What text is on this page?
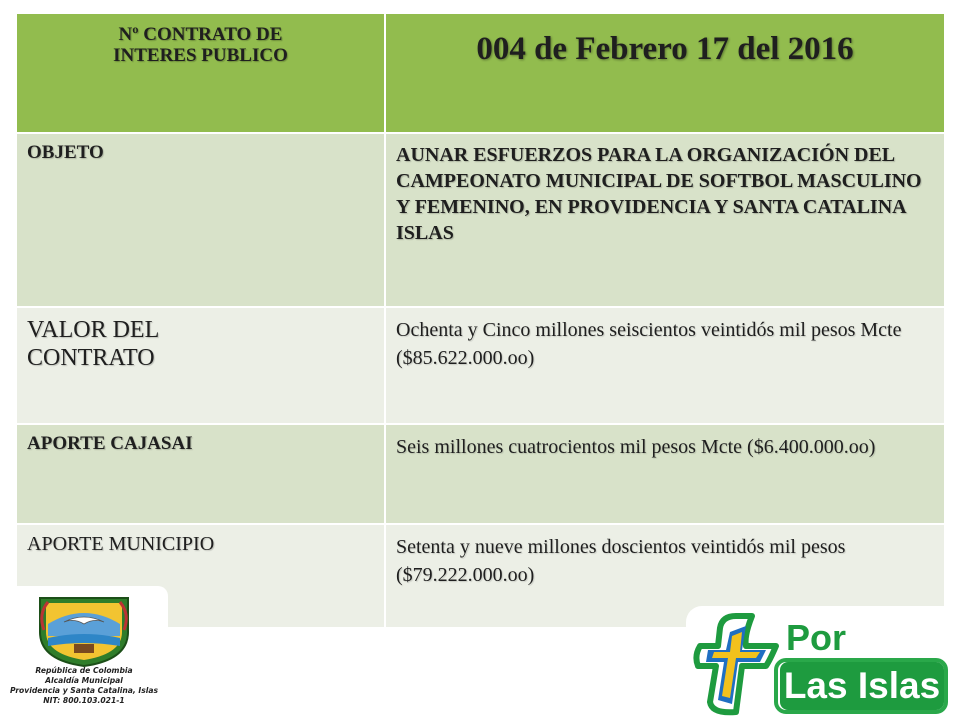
Nº CONTRATO DE
INTERES PUBLICO	004 de Febrero 17 del 2016
OBJETO	AUNAR ESFUERZOS PARA LA ORGANIZACIÓN DEL CAMPEONATO MUNICIPAL DE SOFTBOL MASCULINO Y FEMENINO, EN PROVIDENCIA Y SANTA CATALINA ISLAS

VALOR DEL
CONTRATO	Ochenta y Cinco millones seiscientos veintidós mil pesos Mcte ($85.622.000.oo)
APORTE CAJASAI	Seis millones cuatrocientos mil pesos Mcte ($6.400.000.oo)
APORTE MUNICIPIO	Setenta y nueve millones doscientos veintidós mil pesos ($79.222.000.oo)
República de Colombia
Alcaldía Municipal
Providencia y Santa Catalina, Islas
NIT: 800.103.021-1
Por
Las Islas
